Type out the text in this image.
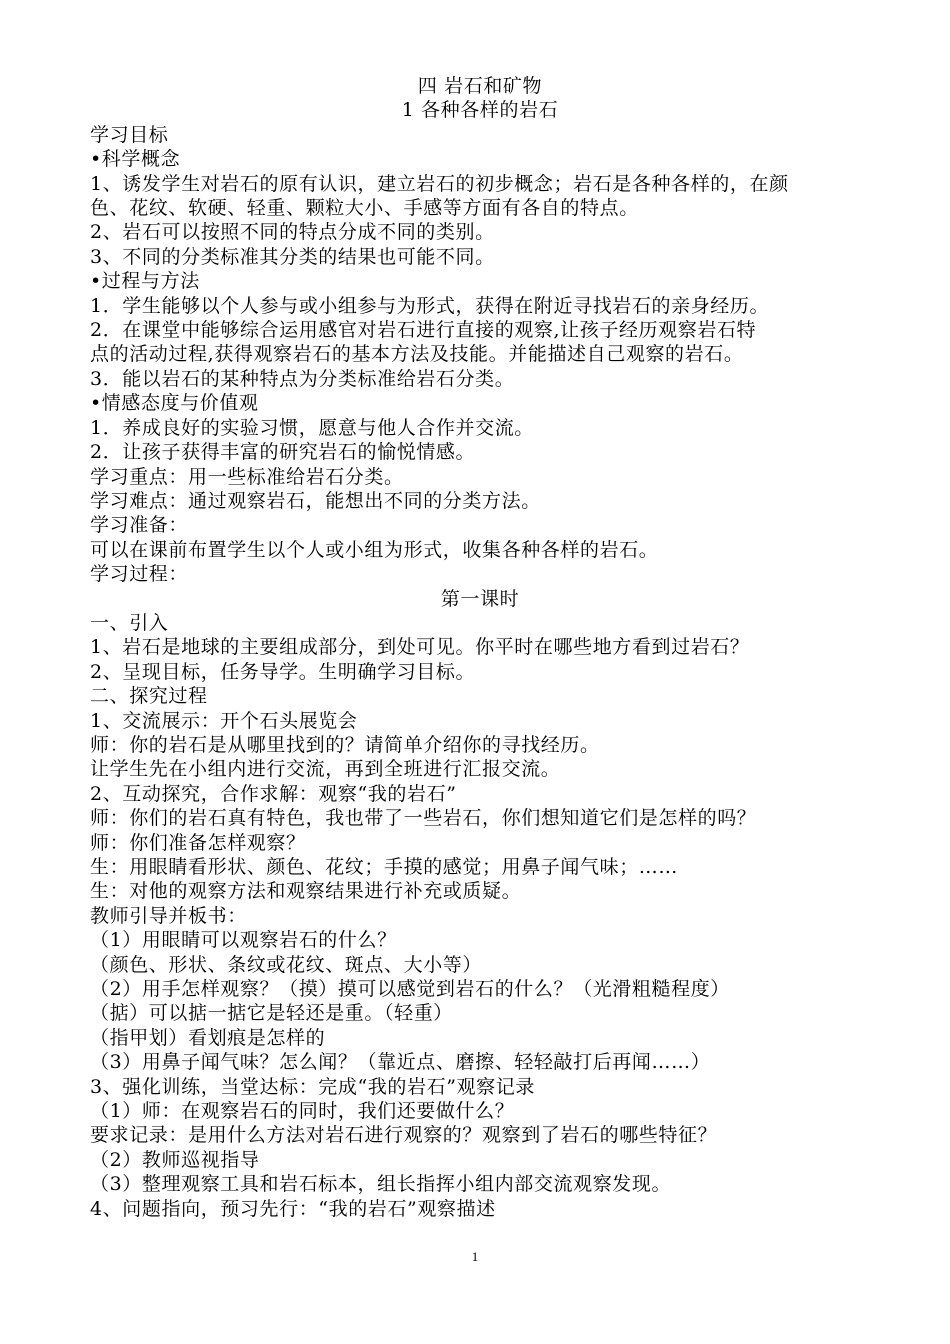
四 岩石和矿物
1 各种各样的岩石
学习目标
•科学概念
1、诱发学生对岩石的原有认识，建立岩石的初步概念；岩石是各种各样的，在颜
色、花纹、软硬、轻重、颗粒大小、手感等方面有各自的特点。
2、岩石可以按照不同的特点分成不同的类别。
3、不同的分类标准其分类的结果也可能不同。
•过程与方法
1．学生能够以个人参与或小组参与为形式，获得在附近寻找岩石的亲身经历。
2．在课堂中能够综合运用感官对岩石进行直接的观察,让孩子经历观察岩石特
点的活动过程,获得观察岩石的基本方法及技能。并能描述自己观察的岩石。
3．能以岩石的某种特点为分类标准给岩石分类。
•情感态度与价值观
1．养成良好的实验习惯，愿意与他人合作并交流。
2．让孩子获得丰富的研究岩石的愉悦情感。
学习重点：用一些标准给岩石分类。
学习难点：通过观察岩石，能想出不同的分类方法。
学习准备：
可以在课前布置学生以个人或小组为形式，收集各种各样的岩石。
学习过程：
第一课时
一、引入
1、岩石是地球的主要组成部分，到处可见。你平时在哪些地方看到过岩石？
2、呈现目标，任务导学。生明确学习目标。
二、探究过程
1、交流展示：开个石头展览会
师：你的岩石是从哪里找到的？请简单介绍你的寻找经历。
让学生先在小组内进行交流，再到全班进行汇报交流。
2、互动探究，合作求解：观察“我的岩石”
师：你们的岩石真有特色，我也带了一些岩石，你们想知道它们是怎样的吗？
师：你们准备怎样观察？
生：用眼睛看形状、颜色、花纹；手摸的感觉；用鼻子闻气味；……
生：对他的观察方法和观察结果进行补充或质疑。
教师引导并板书：
（1）用眼睛可以观察岩石的什么？
（颜色、形状、条纹或花纹、斑点、大小等）
（2）用手怎样观察？（摸）摸可以感觉到岩石的什么？（光滑粗糙程度）
（掂）可以掂一掂它是轻还是重。（轻重）
（指甲划）看划痕是怎样的
（3）用鼻子闻气味？怎么闻？（靠近点、磨擦、轻轻敲打后再闻……）
3、强化训练，当堂达标：完成“我的岩石”观察记录
（1）师：在观察岩石的同时，我们还要做什么？
要求记录：是用什么方法对岩石进行观察的？观察到了岩石的哪些特征？
（2）教师巡视指导
（3）整理观察工具和岩石标本，组长指挥小组内部交流观察发现。
4、问题指向，预习先行：“我的岩石”观察描述
1
